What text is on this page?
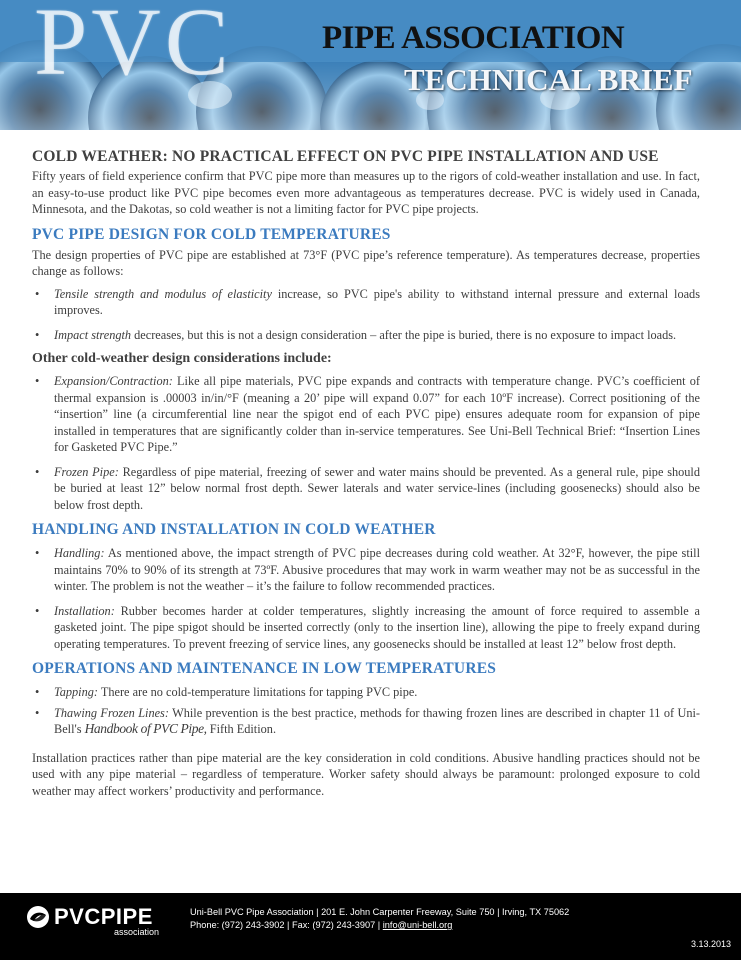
PVC	PIPE ASSOCIATION
TECHNICAL BRIEF
COLD WEATHER: NO PRACTICAL EFFECT ON PVC PIPE INSTALLATION AND USE

Fifty years of field experience confirm that PVC pipe more than measures up to the rigors of cold-weather installation and use. In fact, an easy-to-use product like PVC pipe becomes even more advantageous as temperatures decrease. PVC is widely used in Canada, Minnesota, and the Dakotas, so cold weather is not a limiting factor for PVC pipe projects.

PVC PIPE DESIGN FOR COLD TEMPERATURES

The design properties of PVC pipe are established at 73°F (PVC pipe’s reference temperature). As temperatures decrease, properties change as follows:

• Tensile strength and modulus of elasticity increase, so PVC pipe's ability to withstand internal pressure and external loads improves.
• Impact strength decreases, but this is not a design consideration – after the pipe is buried, there is no exposure to impact loads.
Other cold-weather design considerations include:
• Expansion/Contraction: Like all pipe materials, PVC pipe expands and contracts with temperature change. PVC’s coefficient of thermal expansion is .00003 in/in/°F (meaning a 20’ pipe will expand 0.07” for each 10ºF increase). Correct positioning of the “insertion” line (a circumferential line near the spigot end of each PVC pipe) ensures adequate room for expansion of pipe installed in temperatures that are significantly colder than in-service temperatures. See Uni-Bell Technical Brief: “Insertion Lines for Gasketed PVC Pipe.”
• Frozen Pipe: Regardless of pipe material, freezing of sewer and water mains should be prevented. As a general rule, pipe should be buried at least 12” below normal frost depth. Sewer laterals and water service-lines (including goosenecks) should also be below frost depth.
HANDLING AND INSTALLATION IN COLD WEATHER
• Handling: As mentioned above, the impact strength of PVC pipe decreases during cold weather. At 32°F, however, the pipe still maintains 70% to 90% of its strength at 73ºF. Abusive procedures that may work in warm weather may not be as successful in the winter. The problem is not the weather – it’s the failure to follow recommended practices.
• Installation: Rubber becomes harder at colder temperatures, slightly increasing the amount of force required to assemble a gasketed joint. The pipe spigot should be inserted correctly (only to the insertion line), allowing the pipe to freely expand during operating temperatures. To prevent freezing of service lines, any goosenecks should be installed at least 12” below frost depth.
OPERATIONS AND MAINTENANCE IN LOW TEMPERATURES
• Tapping: There are no cold-temperature limitations for tapping PVC pipe.
• Thawing Frozen Lines: While prevention is the best practice, methods for thawing frozen lines are described in chapter 11 of Uni-Bell's Handbook of PVC Pipe, Fifth Edition.

Installation practices rather than pipe material are the key consideration in cold conditions. Abusive handling practices should not be used with any pipe material – regardless of temperature. Worker safety should always be paramount: prolonged exposure to cold weather may affect workers’ productivity and performance.

PVCPIPE
association
Uni-Bell PVC Pipe Association | 201 E. John Carpenter Freeway, Suite 750 | Irving, TX 75062
Phone: (972) 243-3902 | Fax: (972) 243-3907 | info@uni-bell.org
3.13.2013
